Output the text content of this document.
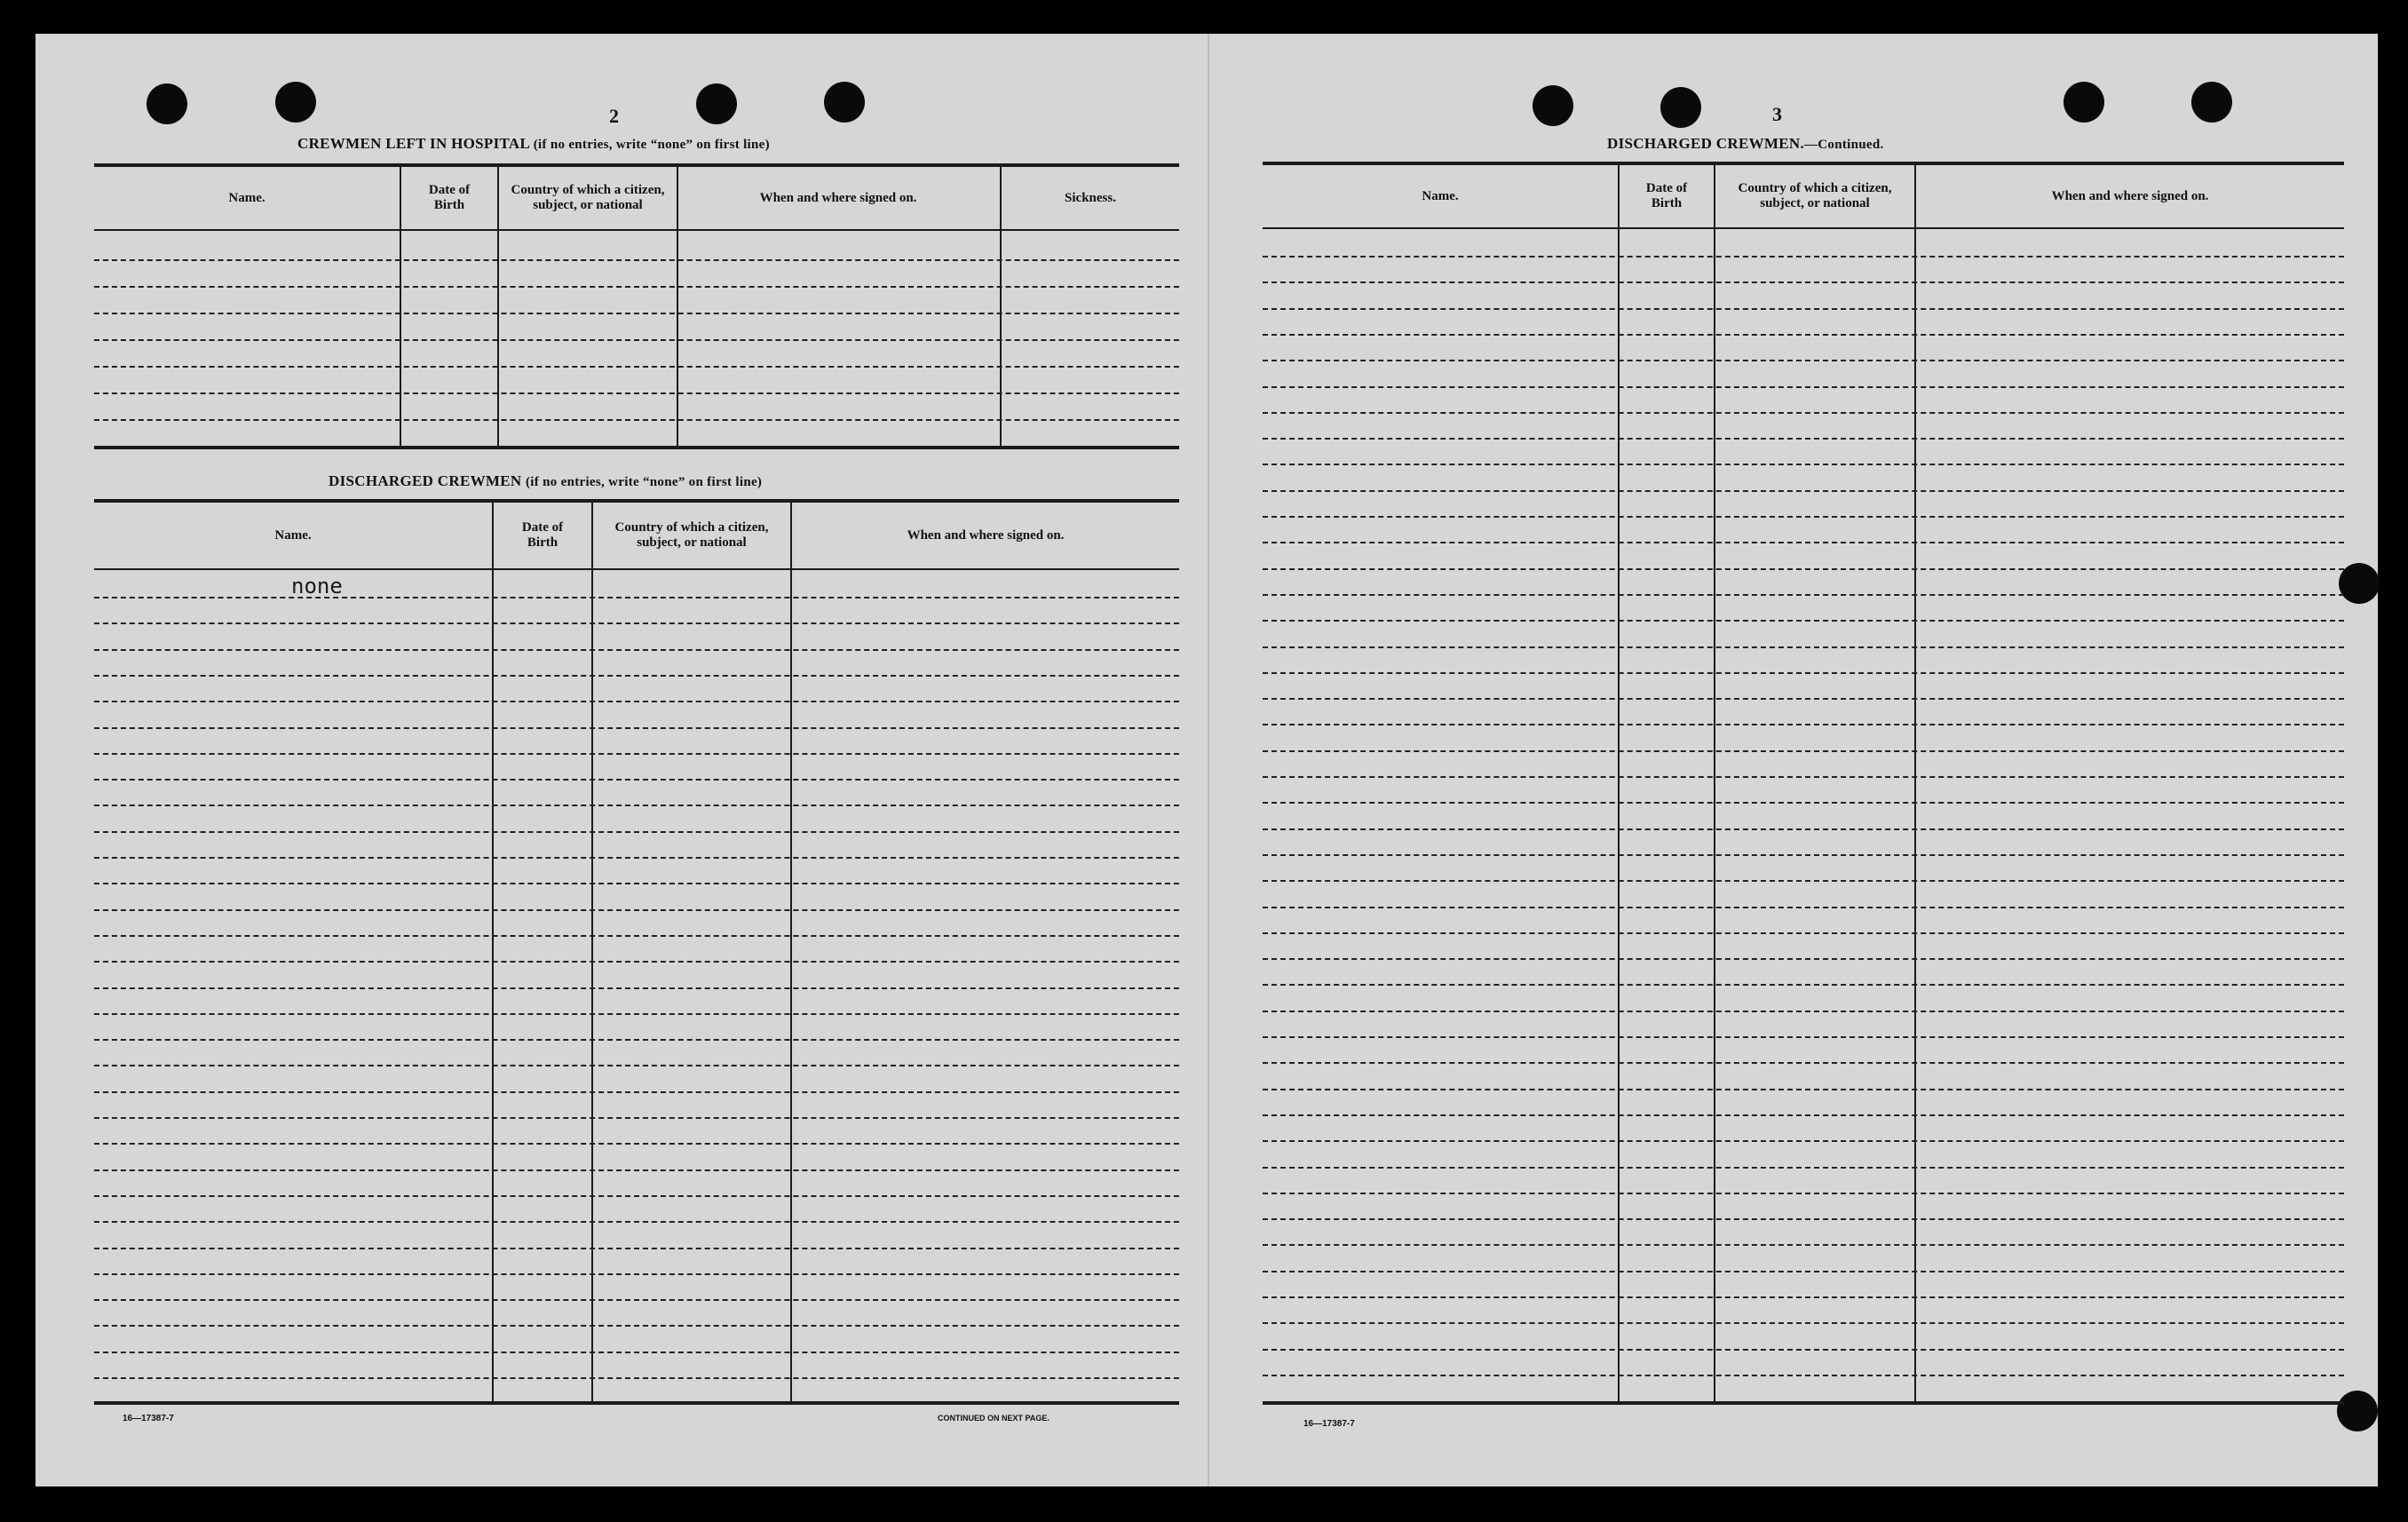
2
CREWMEN LEFT IN HOSPITAL (if no entries, write “none” on first line)
Name.
Date of Birth
Country of which a citizen, subject, or national
When and where signed on.	Sickness.
DISCHARGED CREWMEN (if no entries, write “none” on first line)
Name.
Date of Birth
Country of which a citizen, subject, or national
When and where signed on.
none
16—17387-7	CONTINUED ON NEXT PAGE.
3
DISCHARGED CREWMEN.—Continued.
Name.
Date of Birth
Country of which a citizen, subject, or national
When and where signed on.
16—17387-7
